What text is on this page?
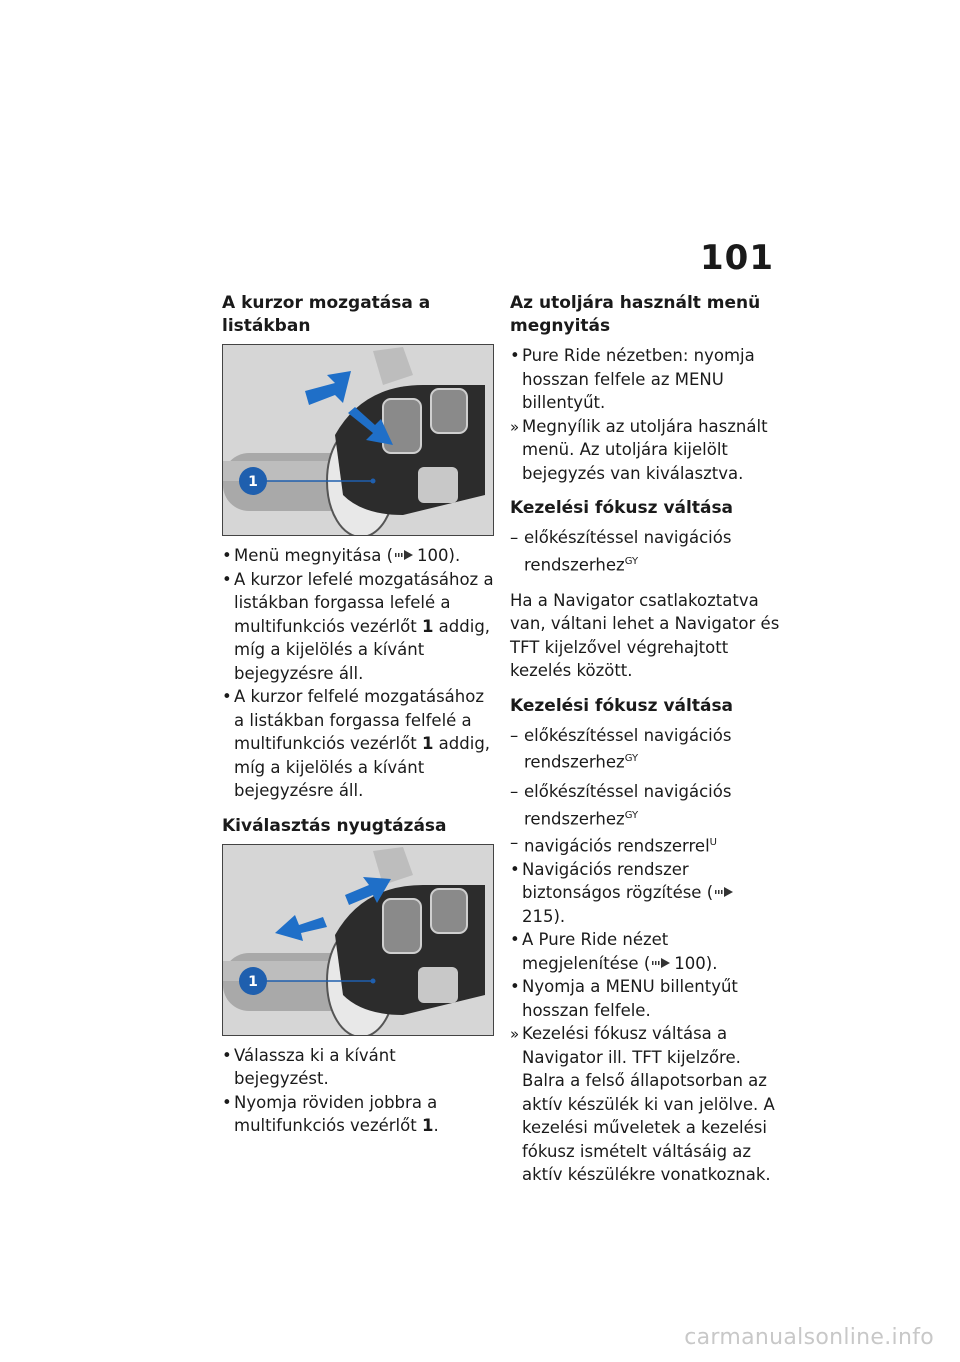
101
A kurzor mozgatása a listákban
1
•
Menü megnyitása ( 100).
•
A kurzor lefelé mozgatásához a listákban forgassa lefelé a multifunkciós vezérlőt 1 addig, míg a kijelölés a kívánt bejegyzésre áll.
•
A kurzor felfelé mozgatásához a listákban forgassa felfelé a multifunkciós vezérlőt 1 addig, míg a kijelölés a kívánt bejegyzésre áll.
Kiválasztás nyugtázása
1
•
Válassza ki a kívánt bejegyzést.
•
Nyomja röviden jobbra a multifunkciós vezérlőt 1.
Az utoljára használt menü megnyitás
•
Pure Ride nézetben: nyomja hosszan felfele az MENU billentyűt.
»
Megnyílik az utoljára használt menü. Az utoljára kijelölt bejegyzés van kiválasztva.
Kezelési fókusz váltása
–
előkészítéssel navigációs rendszerhez$^{GY}$

Ha a Navigator csatlakoztatva van, váltani lehet a Navigator és TFT kijelzővel végrehajtott kezelés között.

Kezelési fókusz váltása
–
előkészítéssel navigációs rendszerhez$^{GY}$
–
előkészítéssel navigációs rendszerhez$^{GY}$
–
navigációs rendszerrel$^U$
•
Navigációs rendszer biztonságos rögzítése (
215).
•
A Pure Ride nézet megjelenítése ( 100).
•
Nyomja a MENU billentyűt hosszan felfele.
»
Kezelési fókusz váltása a Navigator ill. TFT kijelzőre. Balra a felső állapotsorban az aktív készülék ki van jelölve. A kezelési műveletek a kezelési fókusz ismételt váltásáig az aktív készülékre vonatkoznak.
carmanualsonline.info
